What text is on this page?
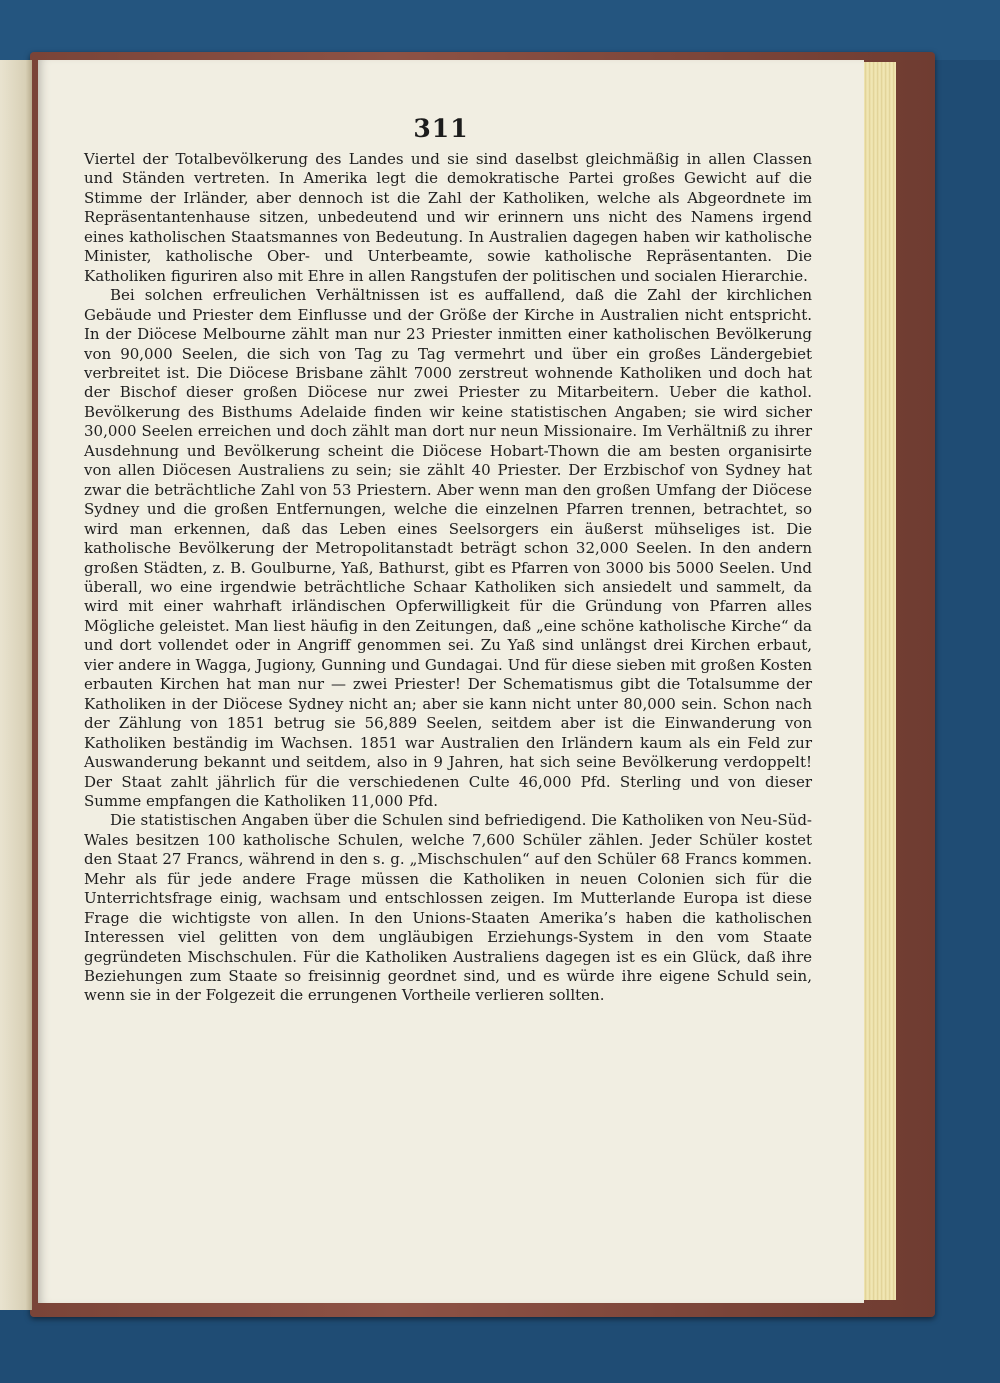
311

Viertel der Totalbevölkerung des Landes und sie sind daselbst gleichmäßig in allen Classen und Ständen vertreten. In Amerika legt die demokratische Partei großes Gewicht auf die Stimme der Irländer, aber dennoch ist die Zahl der Katholiken, welche als Abgeordnete im Repräsentantenhause sitzen, unbedeutend und wir erinnern uns nicht des Namens irgend eines katholischen Staatsmannes von Bedeutung. In Australien dagegen haben wir katholische Minister, katholische Ober- und Unterbeamte, sowie katholische Repräsentanten. Die Katholiken figuriren also mit Ehre in allen Rangstufen der politischen und socialen Hierarchie.

Bei solchen erfreulichen Verhältnissen ist es auffallend, daß die Zahl der kirchlichen Gebäude und Priester dem Einflusse und der Größe der Kirche in Australien nicht entspricht. In der Diöcese Melbourne zählt man nur 23 Priester inmitten einer katholischen Bevölkerung von 90,000 Seelen, die sich von Tag zu Tag vermehrt und über ein großes Ländergebiet verbreitet ist. Die Diöcese Brisbane zählt 7000 zerstreut wohnende Katholiken und doch hat der Bischof dieser großen Diöcese nur zwei Priester zu Mitarbeitern. Ueber die kathol. Bevölkerung des Bisthums Adelaide finden wir keine statistischen Angaben; sie wird sicher 30,000 Seelen erreichen und doch zählt man dort nur neun Missionaire. Im Verhältniß zu ihrer Ausdehnung und Bevölkerung scheint die Diöcese Hobart-Thown die am besten organisirte von allen Diöcesen Australiens zu sein; sie zählt 40 Priester. Der Erzbischof von Sydney hat zwar die beträchtliche Zahl von 53 Priestern. Aber wenn man den großen Umfang der Diöcese Sydney und die großen Entfernungen, welche die einzelnen Pfarren trennen, betrachtet, so wird man erkennen, daß das Leben eines Seelsorgers ein äußerst mühseliges ist. Die katholische Bevölkerung der Metropolitanstadt beträgt schon 32,000 Seelen. In den andern großen Städten, z. B. Goulburne, Yaß, Bathurst, gibt es Pfarren von 3000 bis 5000 Seelen. Und überall, wo eine irgendwie beträchtliche Schaar Katholiken sich ansiedelt und sammelt, da wird mit einer wahrhaft irländischen Opferwilligkeit für die Gründung von Pfarren alles Mögliche geleistet. Man liest häufig in den Zeitungen, daß „eine schöne katholische Kirche“ da und dort vollendet oder in Angriff genommen sei. Zu Yaß sind unlängst drei Kirchen erbaut, vier andere in Wagga, Jugiony, Gunning und Gundagai. Und für diese sieben mit großen Kosten erbauten Kirchen hat man nur — zwei Priester! Der Schematismus gibt die Totalsumme der Katholiken in der Diöcese Sydney nicht an; aber sie kann nicht unter 80,000 sein. Schon nach der Zählung von 1851 betrug sie 56,889 Seelen, seitdem aber ist die Einwanderung von Katholiken beständig im Wachsen. 1851 war Australien den Irländern kaum als ein Feld zur Auswanderung bekannt und seitdem, also in 9 Jahren, hat sich seine Bevölkerung verdoppelt! Der Staat zahlt jährlich für die verschiedenen Culte 46,000 Pfd. Sterling und von dieser Summe empfangen die Katholiken 11,000 Pfd.

Die statistischen Angaben über die Schulen sind befriedigend. Die Katholiken von Neu-Süd-Wales besitzen 100 katholische Schulen, welche 7,600 Schüler zählen. Jeder Schüler kostet den Staat 27 Francs, während in den s. g. „Mischschulen“ auf den Schüler 68 Francs kommen. Mehr als für jede andere Frage müssen die Katholiken in neuen Colonien sich für die Unterrichtsfrage einig, wachsam und entschlossen zeigen. Im Mutterlande Europa ist diese Frage die wichtigste von allen. In den Unions-Staaten Amerika’s haben die katholischen Interessen viel gelitten von dem ungläubigen Erziehungs-System in den vom Staate gegründeten Mischschulen. Für die Katholiken Australiens dagegen ist es ein Glück, daß ihre Beziehungen zum Staate so freisinnig geordnet sind, und es würde ihre eigene Schuld sein, wenn sie in der Folgezeit die errungenen Vortheile verlieren sollten.
